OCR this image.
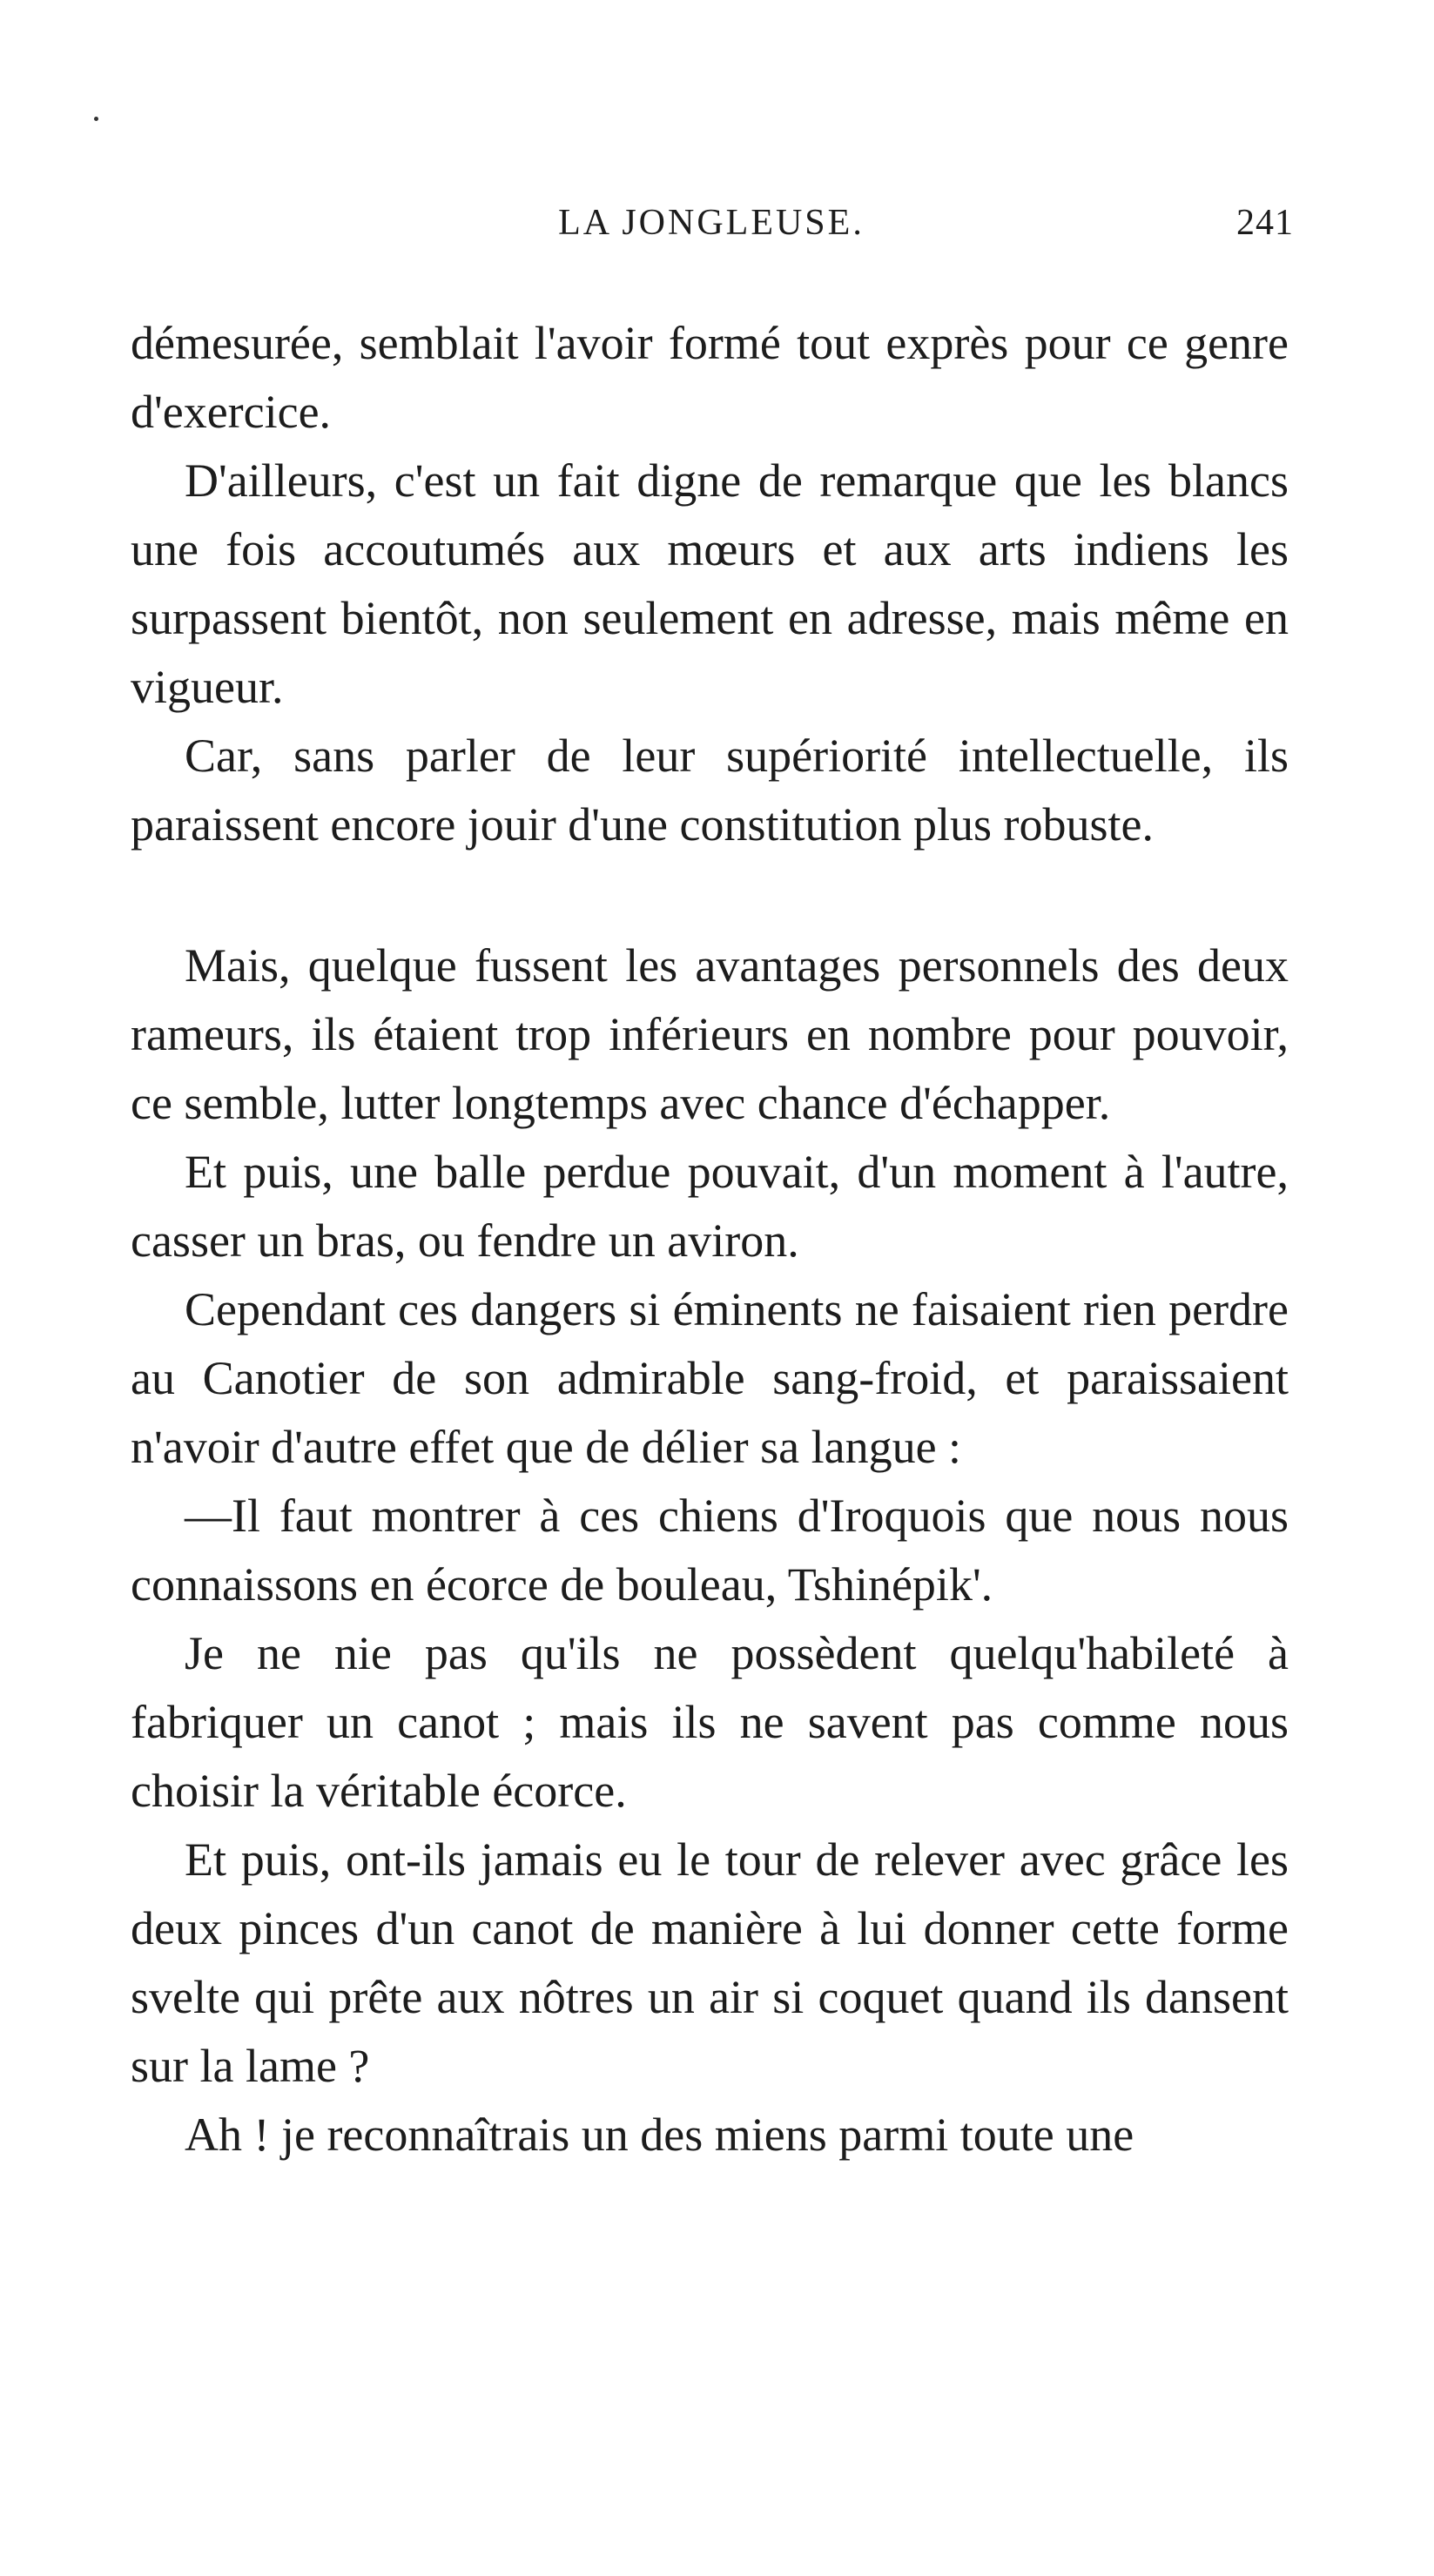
LA JONGLEUSE.	241

démesurée, semblait l'avoir formé tout exprès pour ce genre d'exercice.

D'ailleurs, c'est un fait digne de remarque que les blancs une fois accoutumés aux mœurs et aux arts indiens les surpassent bientôt, non seulement en adresse, mais même en vigueur.

Car, sans parler de leur supériorité intellectuelle, ils paraissent encore jouir d'une constitution plus robuste.

Mais, quelque fussent les avantages personnels des deux rameurs, ils étaient trop inférieurs en nombre pour pouvoir, ce semble, lutter longtemps avec chance d'échapper.

Et puis, une balle perdue pouvait, d'un moment à l'autre, casser un bras, ou fendre un aviron.

Cependant ces dangers si éminents ne faisaient rien perdre au Canotier de son admirable sang-froid, et paraissaient n'avoir d'autre effet que de délier sa langue :

—Il faut montrer à ces chiens d'Iroquois que nous nous connaissons en écorce de bouleau, Tshinépik'.

Je ne nie pas qu'ils ne possèdent quelqu'habileté à fabriquer un canot ; mais ils ne savent pas comme nous choisir la véritable écorce.

Et puis, ont-ils jamais eu le tour de relever avec grâce les deux pinces d'un canot de manière à lui donner cette forme svelte qui prête aux nôtres un air si coquet quand ils dansent sur la lame ?

Ah ! je reconnaîtrais un des miens parmi toute une
